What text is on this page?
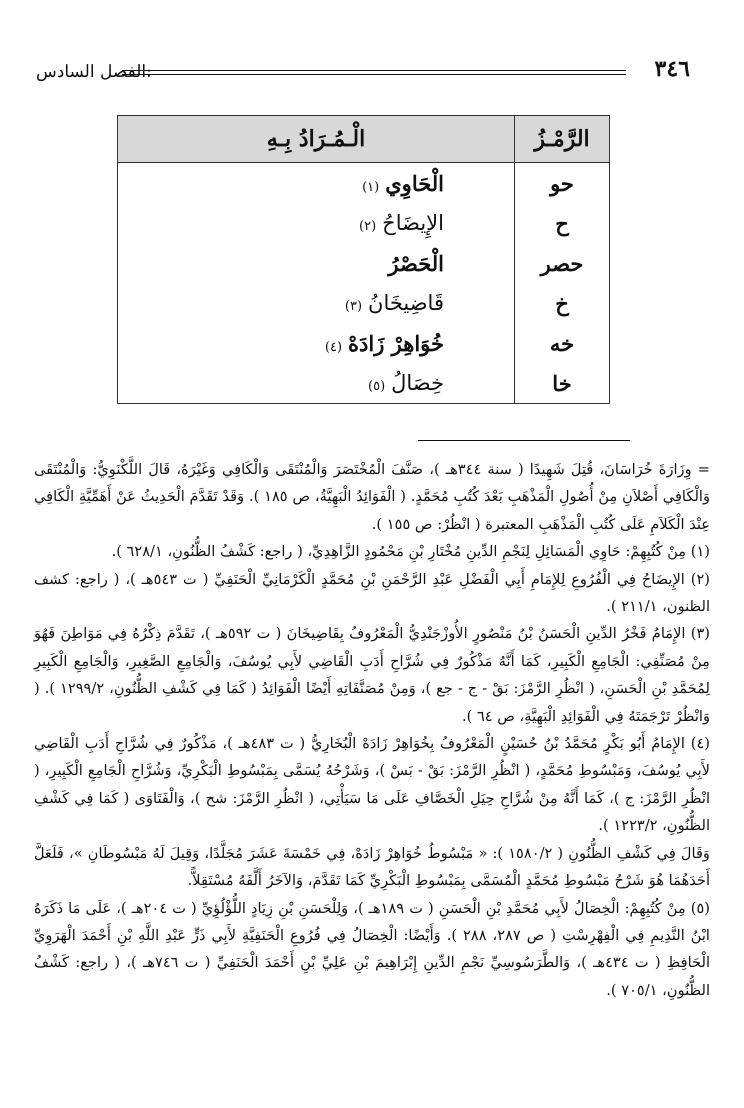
الفصل السادس:	٣٤٦
الرَّمْـزُ	الْـمُـرَادُ بِـهِ
حو	الْحَاوِي(١)
ح	الإِيضَاحُ(٢)
حصر	الْحَصْرُ
خ	قَاضِيخَانُ(٣)
خه	خُوَاهِرْ زَادَهْ(٤)
خا	خِصَالُ(٥)

= وِزَارَةَ خُرَاسَانَ، قُتِلَ شَهِيدًا ( سنة ٣٤٤هـ )، صَنَّفَ الْمُخْتَصَرَ وَالْمُنْتَقَى وَالْكَافِي وَغَيْرَهُ، قَالَ اللَّكْنَوِيُّ: وَالْمُنْتَقَى وَالْكَافِي أَصْلاَنِ مِنْ أُصُولِ الْمَذْهَبِ بَعْدَ كُتُبِ مُحَمَّدٍ. ( الْفَوَائِدُ الْبَهِيَّةُ، ص ١٨٥ ). وَقَدْ تَقَدَّمَ الْحَدِيثُ عَنْ أَهَمِّيَّةِ الْكَافِي عِنْدَ الْكَلاَمِ عَلَى كُتُبِ الْمَذْهَبِ المعتبرة ( انْظُرْ: ص ١٥٥ ).

(١) مِنْ كُتُبِهِمْ: حَاوِي الْمَسَائِلِ لِنَجْمِ الدِّينِ مُخْتَارِ بْنِ مَحْمُودٍ الزَّاهِدِيِّ، ( راجع: كَشْفُ الظُّنُونِ، ٦٢٨/١ ).

(٢) الإِيضَاحُ فِي الْفُرُوعِ لِلإِمَامِ أَبِي الْفَضْلِ عَبْدِ الرَّحْمَنِ بْنِ مُحَمَّدٍ الْكَرْمَانِيِّ الْحَنَفِيِّ ( ت ٥٤٣هـ )، ( راجع: كشف الظنون، ٢١١/١ ).

(٣) الإِمَامُ فَخْرُ الدِّينِ الْحَسَنُ بْنُ مَنْصُورٍ الأُوزْجَنْدِيُّ الْمَعْرُوفُ بِقَاضِيخَانَ ( ت ٥٩٢هـ )، تَقَدَّمَ ذِكْرُهُ فِي مَوَاطِنَ فَهُوَ مِنْ مُصَنِّفِي: الْجَامِعِ الْكَبِيرِ، كَمَا أَنَّهُ مَذْكُورٌ فِي شُرَّاحِ أَدَبِ الْقَاضِي لأَبِي يُوسُفَ، وَالْجَامِعِ الصَّغِيرِ، وَالْجَامِعِ الْكَبِيرِ لِمُحَمَّدِ بْنِ الْحَسَنِ، ( انْظُرِ الرَّمْزَ: بَقْ - ج - جع )، وَمِنْ مُصَنَّفَاتِهِ أَيْضًا الْفَوَائِدُ ( كَمَا فِي كَشْفِ الظُّنُونِ، ١٢٩٩/٢ ). ( وَانْظُرْ تَرْجَمَتَهُ فِي الْفَوَائِدِ الْبَهِيَّةِ، ص ٦٤ ).

(٤) الإِمَامُ أَبُو بَكْرٍ مُحَمَّدُ بْنُ حُسَيْنٍ الْمَعْرُوفُ بِخُوَاهِرْ زَادَهْ الْبُخَارِيُّ ( ت ٤٨٣هـ )، مَذْكُورٌ فِي شُرَّاحِ أَدَبِ الْقَاضِي لأَبِي يُوسُفَ، وَمَبْسُوطِ مُحَمَّدٍ، ( انْظُرِ الرَّمْزَ: بَقْ - بَسْ )، وَشَرْحُهُ يُسَمَّى بِمَبْسُوطِ الْبَكْرِيِّ، وَشُرَّاحِ الْجَامِعِ الْكَبِيرِ، ( انْظُرِ الرَّمْزَ: ج )، كَمَا أَنَّهُ مِنْ شُرَّاحِ حِيَلِ الْخَصَّافِ عَلَى مَا سَيَأْتِي، ( انْظُرِ الرَّمْزَ: شح )، وَالْفَتَاوَى ( كَمَا فِي كَشْفِ الظُّنُونِ، ١٢٢٣/٢ ).

وَقَالَ فِي كَشْفِ الظُّنُونِ ( ١٥٨٠/٢ ): « مَبْسُوطُ خُوَاهِرْ زَادَهْ، فِي خَمْسَةَ عَشَرَ مُجَلَّدًا، وَقِيلَ لَهُ مَبْسُوطَانِ »، فَلَعَلَّ أَحَدَهُمَا هُوَ شَرْحُ مَبْسُوطِ مُحَمَّدٍ الْمُسَمَّى بِمَبْسُوطِ الْبَكْرِيِّ كَمَا تَقَدَّمَ، وَالآخَرُ أَلَّفَهُ مُسْتَقِلاًّ.

(٥) مِنْ كُتُبِهِمْ: الْخِصَالُ لأَبِي مُحَمَّدِ بْنِ الْحَسَنِ ( ت ١٨٩هـ )، وَلِلْحَسَنِ بْنِ زِيَادٍ اللُّؤْلُؤِيِّ ( ت ٢٠٤هـ )، عَلَى مَا ذَكَرَهُ ابْنُ النَّدِيمِ فِي الْفِهْرِسْتِ ( ص ٢٨٧، ٢٨٨ ). وَأَيْضًا: الْخِصَالُ فِي فُرُوعِ الْحَنَفِيَّةِ لأَبِي ذَرٍّ عَبْدِ اللَّهِ بْنِ أَحْمَدَ الْهَرَوِيِّ الْحَافِظِ ( ت ٤٣٤هـ )، وَالطَّرَسُوسِيِّ نَجْمِ الدِّينِ إِبْرَاهِيمَ بْنِ عَلِيِّ بْنِ أَحْمَدَ الْحَنَفِيِّ ( ت ٧٤٦هـ )، ( راجع: كَشْفُ الظُّنُونِ، ٧٠٥/١ ).
